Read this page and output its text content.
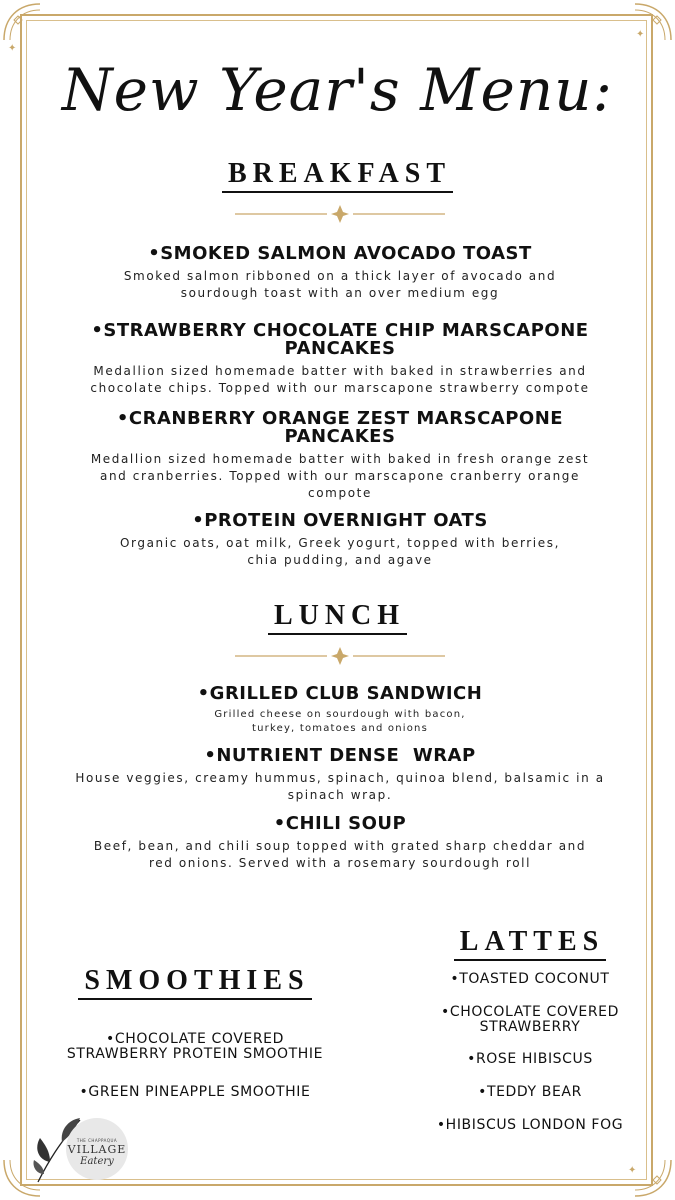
✦
✦
✦
New Year's Menu:
BREAKFAST
•SMOKED SALMON AVOCADO TOAST
Smoked salmon ribboned on a thick layer of avocado and
sourdough toast with an over medium egg
•STRAWBERRY CHOCOLATE CHIP MARSCAPONE
PANCAKES
Medallion sized homemade batter with baked in strawberries and
chocolate chips. Topped with our marscapone strawberry compote
•CRANBERRY ORANGE ZEST MARSCAPONE
PANCAKES
Medallion sized homemade batter with baked in fresh orange zest
and cranberries. Topped with our marscapone cranberry orange
compote
•PROTEIN OVERNIGHT OATS
Organic oats, oat milk, Greek yogurt, topped with berries,
chia pudding, and agave
LUNCH
•GRILLED CLUB SANDWICH
Grilled cheese on sourdough with bacon,
turkey, tomatoes and onions
•NUTRIENT DENSE  WRAP
House veggies, creamy hummus, spinach, quinoa blend, balsamic in a
spinach wrap.
•CHILI SOUP
Beef, bean, and chili soup topped with grated sharp cheddar and
red onions. Served with a rosemary sourdough roll
SMOOTHIES
•CHOCOLATE COVERED
STRAWBERRY PROTEIN SMOOTHIE
•GREEN PINEAPPLE SMOOTHIE
LATTES
•TOASTED COCONUT
•CHOCOLATE COVERED
STRAWBERRY
•ROSE HIBISCUS
•TEDDY BEAR
•HIBISCUS LONDON FOG
THE CHAPPAQUA
VILLAGE
Eatery
